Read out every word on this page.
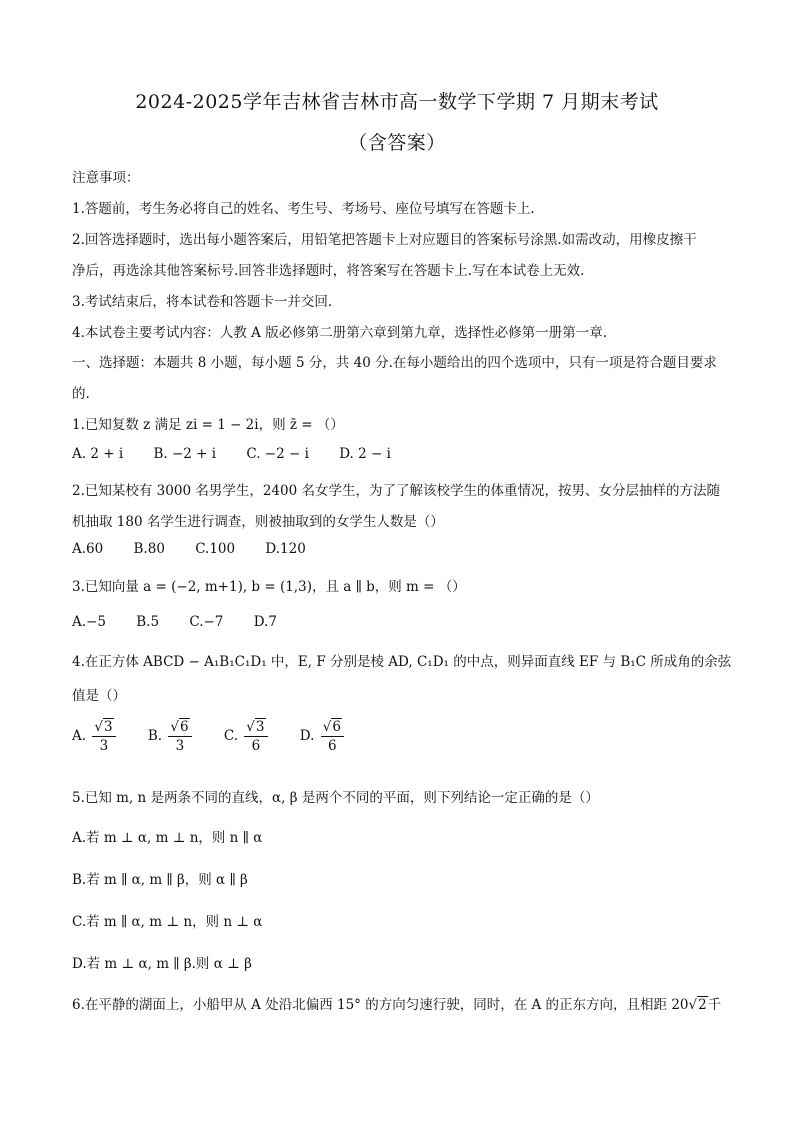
2024-2025学年吉林省吉林市高一数学下学期 7 月期末考试
（含答案）
注意事项：
1.答题前，考生务必将自己的姓名、考生号、考场号、座位号填写在答题卡上.
2.回答选择题时，选出每小题答案后，用铅笔把答题卡上对应题目的答案标号涂黑.如需改动，用橡皮擦干
净后，再选涂其他答案标号.回答非选择题时，将答案写在答题卡上.写在本试卷上无效.
3.考试结束后，将本试卷和答题卡一并交回.
4.本试卷主要考试内容：人教 A 版必修第二册第六章到第九章，选择性必修第一册第一章.
一、选择题：本题共 8 小题，每小题 5 分，共 40 分.在每小题给出的四个选项中，只有一项是符合题目要求
的.
1.已知复数 z 满足 zi = 1 − 2i，则 z̄ = （）
A. 2 + i B. −2 + i C. −2 − i D. 2 − i
2.已知某校有 3000 名男学生，2400 名女学生，为了了解该校学生的体重情况，按男、女分层抽样的方法随
机抽取 180 名学生进行调查，则被抽取到的女学生人数是（）
A.60 B.80 C.100 D.120
3.已知向量 a = (−2, m+1), b = (1,3)，且 a ∥ b，则 m = （）
A.−5 B.5 C.−7 D.7
4.在正方体 ABCD − A₁B₁C₁D₁ 中，E, F 分别是棱 AD, C₁D₁ 的中点，则异面直线 EF 与 B₁C 所成角的余弦
值是（）
A. $\frac{√3}{3} B$. $\frac{√6}{3} C$. $\frac{√3}{6} D$. $\frac{√6}{6}$
5.已知 m, n 是两条不同的直线，α, β 是两个不同的平面，则下列结论一定正确的是（）
A.若 m ⊥ α, m ⊥ n，则 n ∥ α
B.若 m ∥ α, m ∥ β，则 α ∥ β
C.若 m ∥ α, m ⊥ n，则 n ⊥ α
D.若 m ⊥ α, m ∥ β.则 α ⊥ β
6.在平静的湖面上，小船甲从 A 处沿北偏西 15° 的方向匀速行驶，同时，在 A 的正东方向，且相距 20√2千
